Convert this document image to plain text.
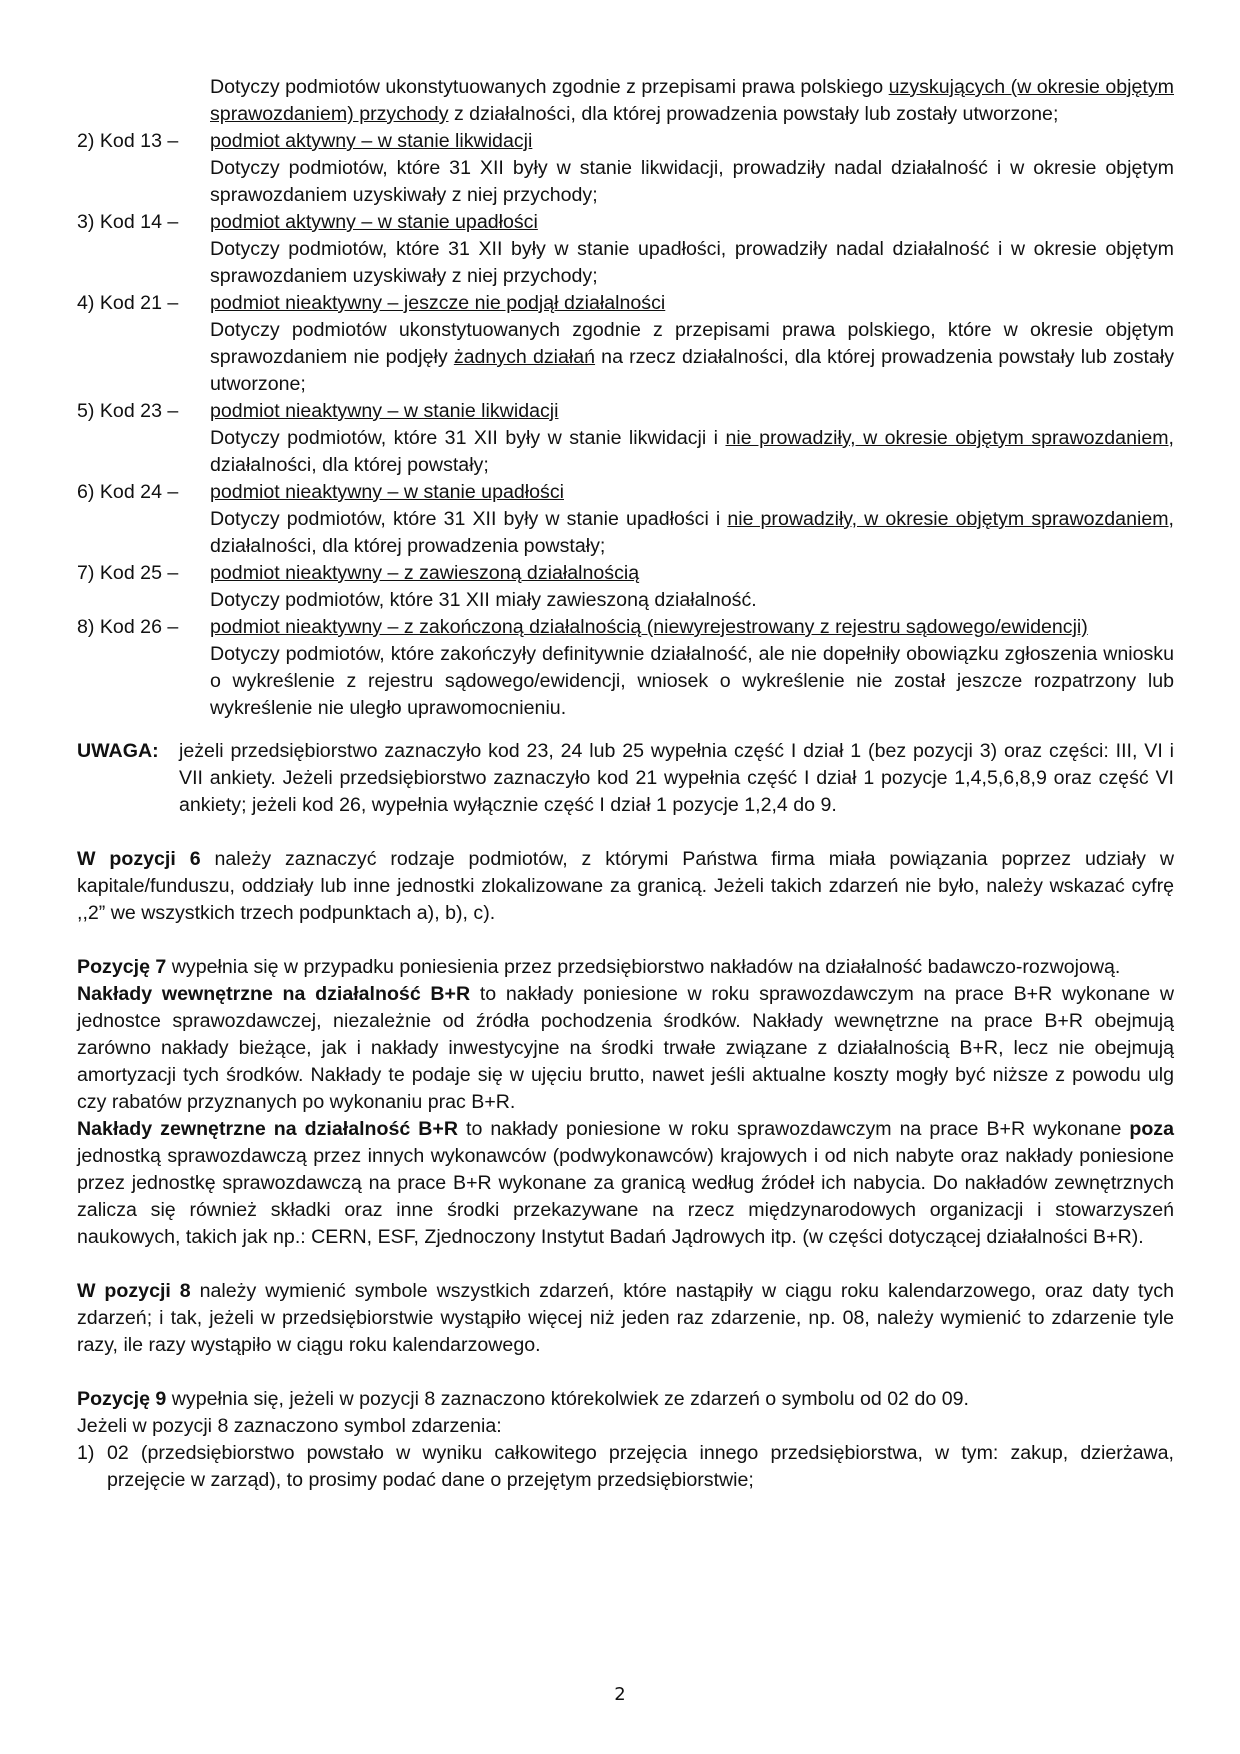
Dotyczy podmiotów ukonstytuowanych zgodnie z przepisami prawa polskiego uzyskujących (w okresie objętym sprawozdaniem) przychody z działalności, dla której prowadzenia powstały lub zostały utworzone;
2) Kod 13 –	podmiot aktywny – w stanie likwidacji
Dotyczy podmiotów, które 31 XII były w stanie likwidacji, prowadziły nadal działalność i w okresie objętym sprawozdaniem uzyskiwały z niej przychody;
3) Kod 14 –	podmiot aktywny – w stanie upadłości
Dotyczy podmiotów, które 31 XII były w stanie upadłości, prowadziły nadal działalność i w okresie objętym sprawozdaniem uzyskiwały z niej przychody;
4) Kod 21 –	podmiot nieaktywny – jeszcze nie podjął działalności
Dotyczy podmiotów ukonstytuowanych zgodnie z przepisami prawa polskiego, które w okresie objętym sprawozdaniem nie podjęły żadnych działań na rzecz działalności, dla której prowadzenia powstały lub zostały utworzone;
5) Kod 23 –	podmiot nieaktywny – w stanie likwidacji
Dotyczy podmiotów, które 31 XII były w stanie likwidacji i nie prowadziły, w okresie objętym sprawozdaniem, działalności, dla której powstały;
6) Kod 24 –	podmiot nieaktywny – w stanie upadłości
Dotyczy podmiotów, które 31 XII były w stanie upadłości i nie prowadziły, w okresie objętym sprawozdaniem, działalności, dla której prowadzenia powstały;
7) Kod 25 –	podmiot nieaktywny – z zawieszoną działalnością
Dotyczy podmiotów, które 31 XII miały zawieszoną działalność.
8) Kod 26 –	podmiot nieaktywny – z zakończoną działalnością (niewyrejestrowany z rejestru sądowego/ewidencji)
Dotyczy podmiotów, które zakończyły definitywnie działalność, ale nie dopełniły obowiązku zgłoszenia wniosku o wykreślenie z rejestru sądowego/ewidencji, wniosek o wykreślenie nie został jeszcze rozpatrzony lub wykreślenie nie uległo uprawomocnieniu.
UWAGA:	jeżeli przedsiębiorstwo zaznaczyło kod 23, 24 lub 25 wypełnia część I dział 1 (bez pozycji 3) oraz części: III, VI i VII ankiety. Jeżeli przedsiębiorstwo zaznaczyło kod 21 wypełnia część I dział 1 pozycje 1,4,5,6,8,9 oraz część VI ankiety; jeżeli kod 26, wypełnia wyłącznie część I dział 1 pozycje 1,2,4 do 9.
W pozycji 6 należy zaznaczyć rodzaje podmiotów, z którymi Państwa firma miała powiązania poprzez udziały w kapitale/funduszu, oddziały lub inne jednostki zlokalizowane za granicą. Jeżeli takich zdarzeń nie było, należy wskazać cyfrę ,,2” we wszystkich trzech podpunktach a), b), c).
Pozycję 7 wypełnia się w przypadku poniesienia przez przedsiębiorstwo nakładów na działalność badawczo-rozwojową.
Nakłady wewnętrzne na działalność B+R to nakłady poniesione w roku sprawozdawczym na prace B+R wykonane w jednostce sprawozdawczej, niezależnie od źródła pochodzenia środków. Nakłady wewnętrzne na prace B+R obejmują zarówno nakłady bieżące, jak i nakłady inwestycyjne na środki trwałe związane z działalnością B+R, lecz nie obejmują amortyzacji tych środków. Nakłady te podaje się w ujęciu brutto, nawet jeśli aktualne koszty mogły być niższe z powodu ulg czy rabatów przyznanych po wykonaniu prac B+R.
Nakłady zewnętrzne na działalność B+R to nakłady poniesione w roku sprawozdawczym na prace B+R wykonane poza jednostką sprawozdawczą przez innych wykonawców (podwykonawców) krajowych i od nich nabyte oraz nakłady poniesione przez jednostkę sprawozdawczą na prace B+R wykonane za granicą według źródeł ich nabycia. Do nakładów zewnętrznych zalicza się również składki oraz inne środki przekazywane na rzecz międzynarodowych organizacji i stowarzyszeń naukowych, takich jak np.: CERN, ESF, Zjednoczony Instytut Badań Jądrowych itp. (w części dotyczącej działalności B+R).
W pozycji 8 należy wymienić symbole wszystkich zdarzeń, które nastąpiły w ciągu roku kalendarzowego, oraz daty tych zdarzeń; i tak, jeżeli w przedsiębiorstwie wystąpiło więcej niż jeden raz zdarzenie, np. 08, należy wymienić to zdarzenie tyle razy, ile razy wystąpiło w ciągu roku kalendarzowego.
Pozycję 9 wypełnia się, jeżeli w pozycji 8 zaznaczono którekolwiek ze zdarzeń o symbolu od 02 do 09.
Jeżeli w pozycji 8 zaznaczono symbol zdarzenia:
1) 02 (przedsiębiorstwo powstało w wyniku całkowitego przejęcia innego przedsiębiorstwa, w tym: zakup, dzierżawa, przejęcie w zarząd), to prosimy podać dane o przejętym przedsiębiorstwie;
2
